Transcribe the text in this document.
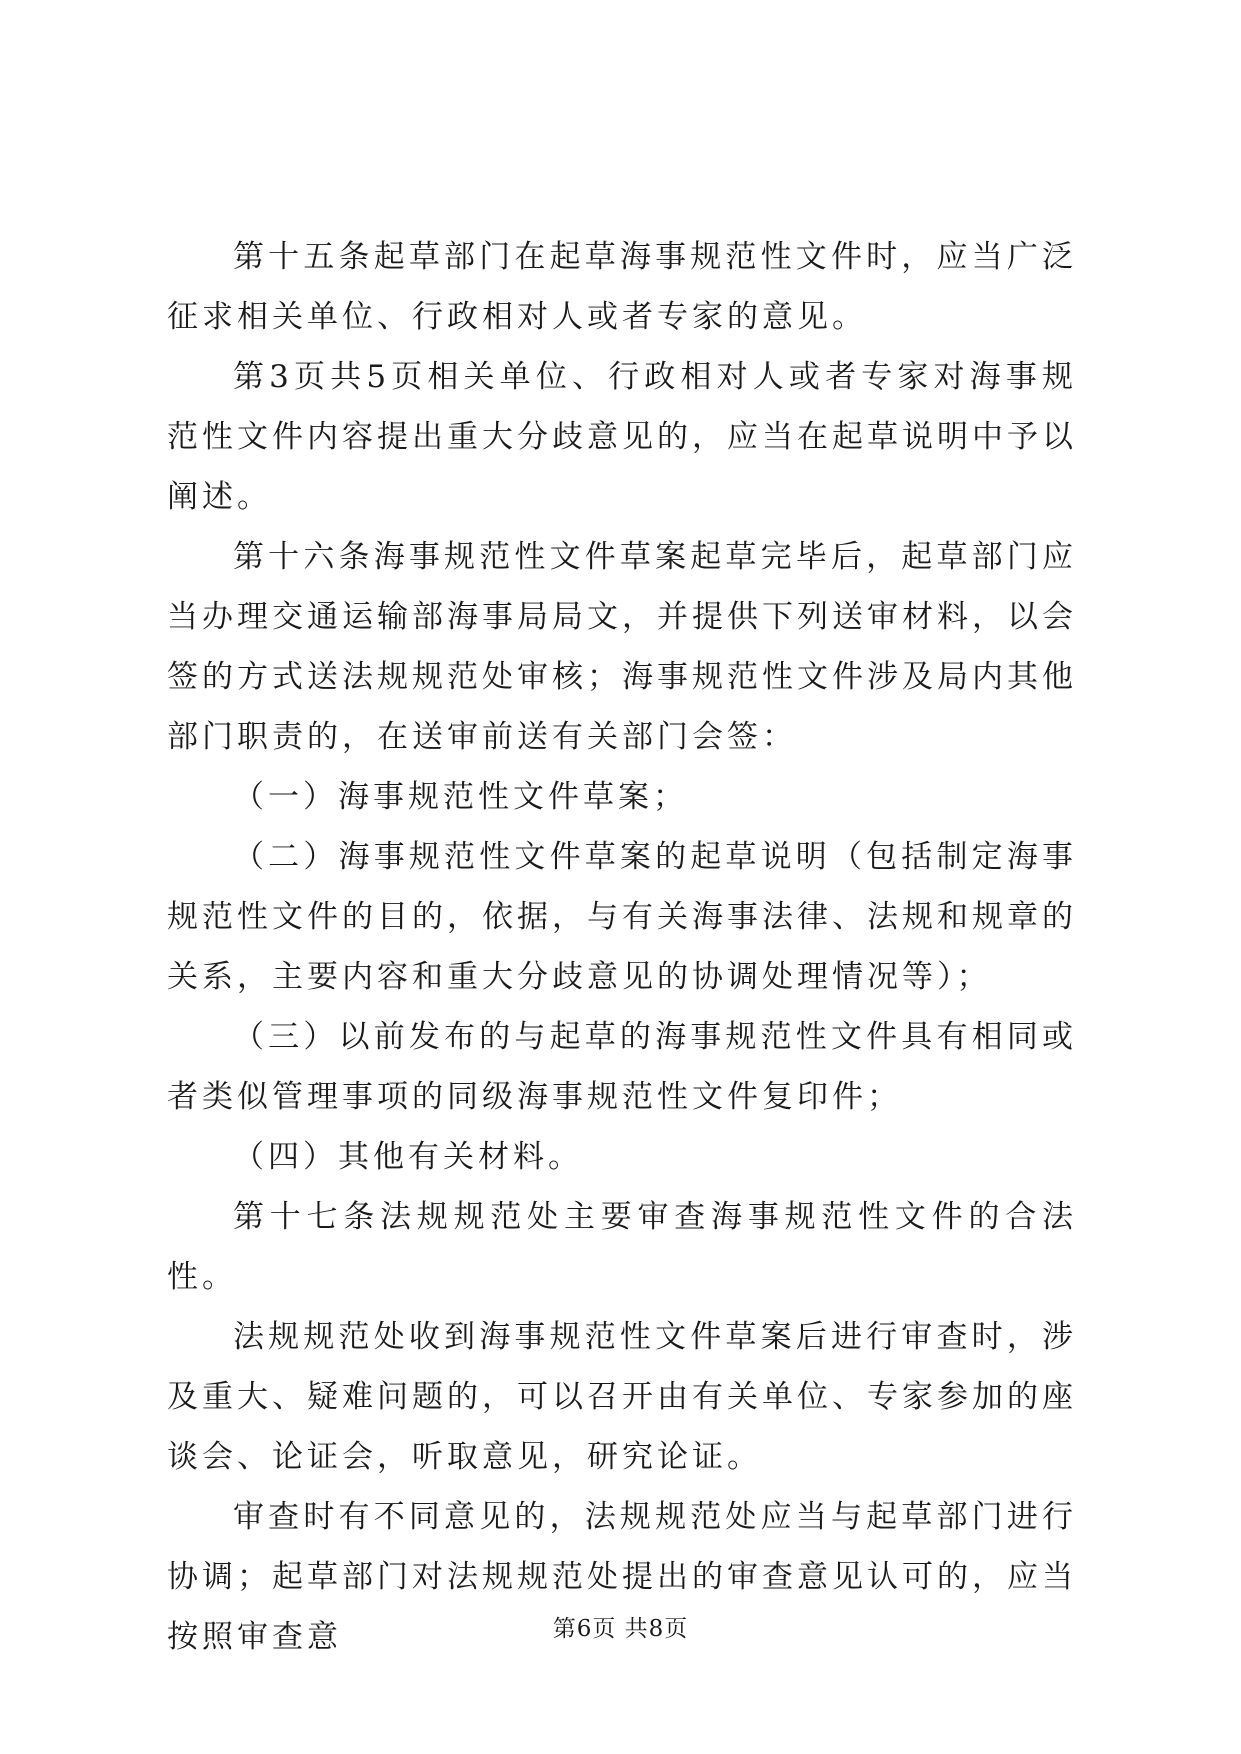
第十五条起草部门在起草海事规范性文件时，应当广泛征求相关单位、行政相对人或者专家的意见。

第3页共5页相关单位、行政相对人或者专家对海事规范性文件内容提出重大分歧意见的，应当在起草说明中予以阐述。

第十六条海事规范性文件草案起草完毕后，起草部门应当办理交通运输部海事局局文，并提供下列送审材料，以会签的方式送法规规范处审核；海事规范性文件涉及局内其他部门职责的，在送审前送有关部门会签：

（一）海事规范性文件草案；

（二）海事规范性文件草案的起草说明（包括制定海事规范性文件的目的，依据，与有关海事法律、法规和规章的关系，主要内容和重大分歧意见的协调处理情况等）；

（三）以前发布的与起草的海事规范性文件具有相同或者类似管理事项的同级海事规范性文件复印件；

（四）其他有关材料。

第十七条法规规范处主要审查海事规范性文件的合法性。

法规规范处收到海事规范性文件草案后进行审查时，涉及重大、疑难问题的，可以召开由有关单位、专家参加的座谈会、论证会，听取意见，研究论证。

审查时有不同意见的，法规规范处应当与起草部门进行协调；起草部门对法规规范处提出的审查意见认可的，应当按照审查意	第6页 共8页
